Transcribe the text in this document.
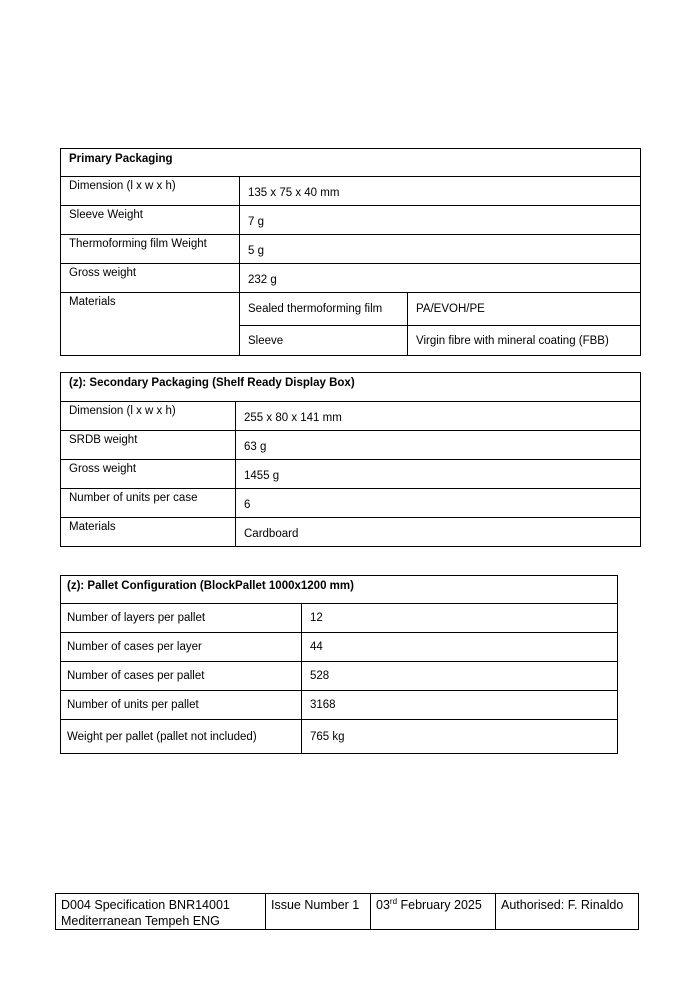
Primary Packaging		
Dimension (l x w x h)	135 x 75 x 40 mm	
Sleeve Weight	7 g	
Thermoforming film Weight	5 g	
Gross weight	232 g	
Materials	Sealed thermoforming film	PA/EVOH/PE
	Sleeve	Virgin fibre with mineral coating (FBB)
(z): Secondary Packaging (Shelf Ready Display Box)	
Dimension (l x w x h)	255 x 80 x 141 mm
SRDB weight	63 g
Gross weight	1455 g
Number of units per case	6
Materials	Cardboard
(z): Pallet Configuration (BlockPallet 1000x1200 mm)	
Number of layers per pallet	12
Number of cases per layer	44
Number of cases per pallet	528
Number of units per pallet	3168
Weight per pallet (pallet not included)	765 kg
D004 Specification BNR14001
Mediterranean Tempeh ENG
	Issue Number 1	03rd February 2025	Authorised: F. Rinaldo
